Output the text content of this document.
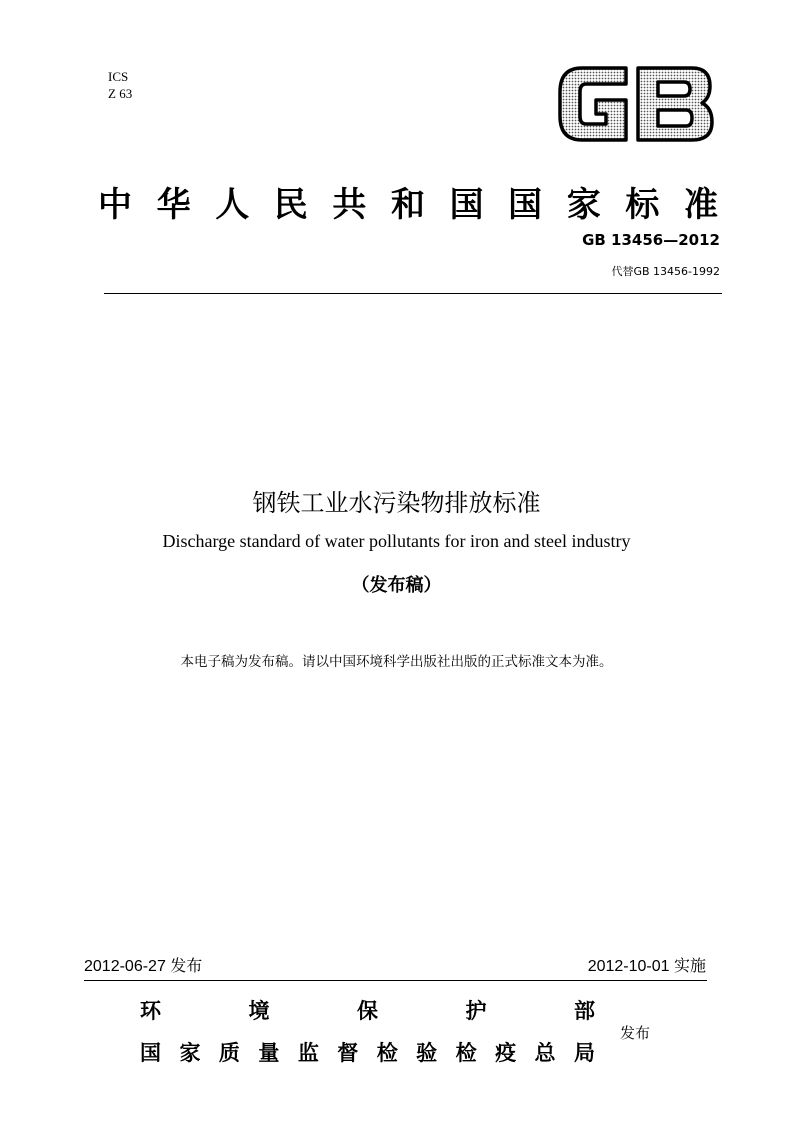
ICS
Z 63
中 华 人 民 共 和 国 国 家 标 准
GB 13456—2012
代替GB 13456-1992
钢铁工业水污染物排放标准
Discharge standard of water pollutants for iron and steel industry
（发布稿）
本电子稿为发布稿。请以中国环境科学出版社出版的正式标准文本为准。
2012-06-27 发布	2012-10-01 实施
环	境	保	护	部
国 家 质 量 监 督 检 验 检 疫 总 局
发布
